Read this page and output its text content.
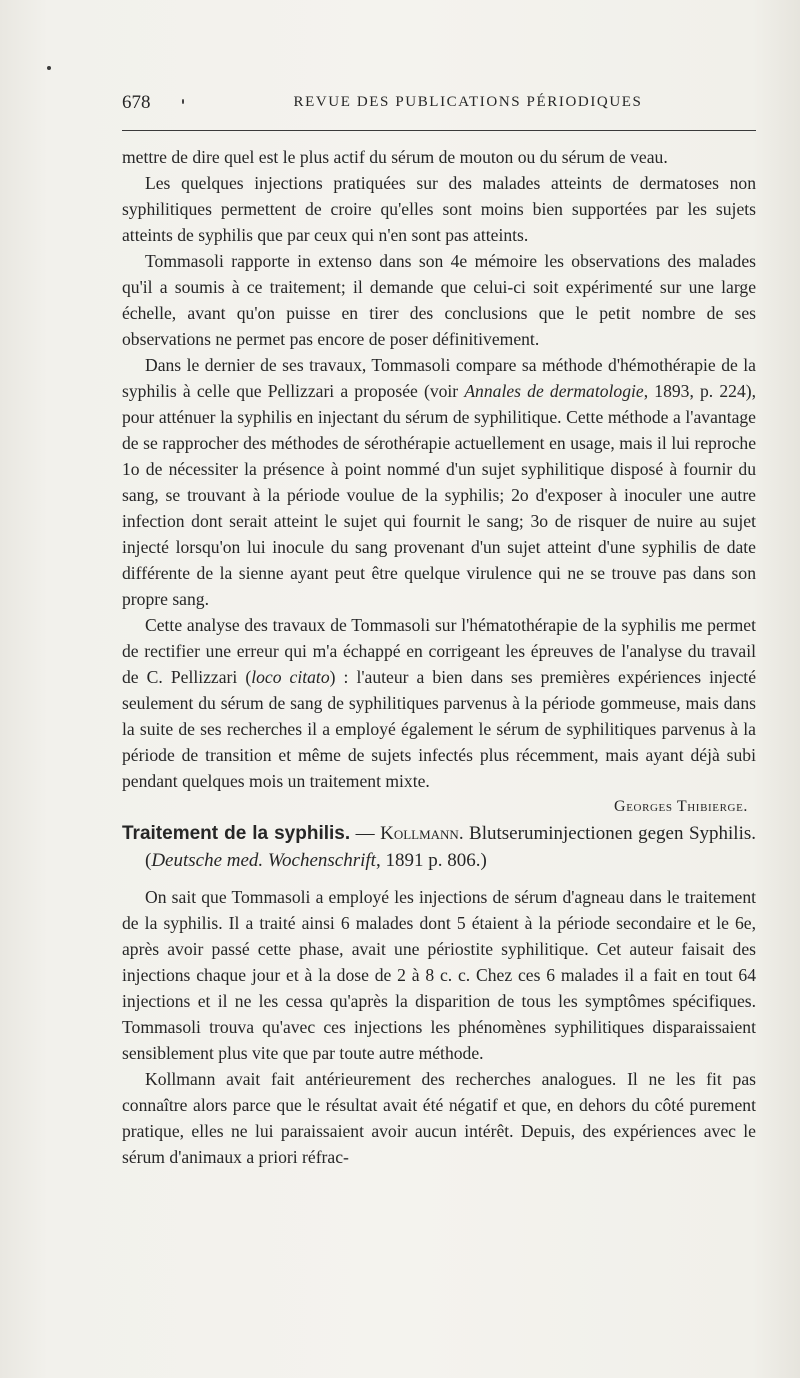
678	REVUE DES PUBLICATIONS PÉRIODIQUES

mettre de dire quel est le plus actif du sérum de mouton ou du sérum de veau.

Les quelques injections pratiquées sur des malades atteints de dermatoses non syphilitiques permettent de croire qu'elles sont moins bien supportées par les sujets atteints de syphilis que par ceux qui n'en sont pas atteints.

Tommasoli rapporte in extenso dans son 4e mémoire les observations des malades qu'il a soumis à ce traitement; il demande que celui-ci soit expérimenté sur une large échelle, avant qu'on puisse en tirer des conclusions que le petit nombre de ses observations ne permet pas encore de poser définitivement.

Dans le dernier de ses travaux, Tommasoli compare sa méthode d'hémothérapie de la syphilis à celle que Pellizzari a proposée (voir Annales de dermatologie, 1893, p. 224), pour atténuer la syphilis en injectant du sérum de syphilitique. Cette méthode a l'avantage de se rapprocher des méthodes de sérothérapie actuellement en usage, mais il lui reproche 1o de nécessiter la présence à point nommé d'un sujet syphilitique disposé à fournir du sang, se trouvant à la période voulue de la syphilis; 2o d'exposer à inoculer une autre infection dont serait atteint le sujet qui fournit le sang; 3o de risquer de nuire au sujet injecté lorsqu'on lui inocule du sang provenant d'un sujet atteint d'une syphilis de date différente de la sienne ayant peut être quelque virulence qui ne se trouve pas dans son propre sang.

Cette analyse des travaux de Tommasoli sur l'hématothérapie de la syphilis me permet de rectifier une erreur qui m'a échappé en corrigeant les épreuves de l'analyse du travail de C. Pellizzari (loco citato) : l'auteur a bien dans ses premières expériences injecté seulement du sérum de sang de syphilitiques parvenus à la période gommeuse, mais dans la suite de ses recherches il a employé également le sérum de syphilitiques parvenus à la période de transition et même de sujets infectés plus récemment, mais ayant déjà subi pendant quelques mois un traitement mixte.

Georges Thibierge.

Traitement de la syphilis. — Kollmann. Blutseruminjectionen gegen Syphilis. (Deutsche med. Wochenschrift, 1891 p. 806.)

On sait que Tommasoli a employé les injections de sérum d'agneau dans le traitement de la syphilis. Il a traité ainsi 6 malades dont 5 étaient à la période secondaire et le 6e, après avoir passé cette phase, avait une périostite syphilitique. Cet auteur faisait des injections chaque jour et à la dose de 2 à 8 c. c. Chez ces 6 malades il a fait en tout 64 injections et il ne les cessa qu'après la disparition de tous les symptômes spécifiques. Tommasoli trouva qu'avec ces injections les phénomènes syphilitiques disparaissaient sensiblement plus vite que par toute autre méthode.

Kollmann avait fait antérieurement des recherches analogues. Il ne les fit pas connaître alors parce que le résultat avait été négatif et que, en dehors du côté purement pratique, elles ne lui paraissaient avoir aucun intérêt. Depuis, des expériences avec le sérum d'animaux a priori réfrac-
